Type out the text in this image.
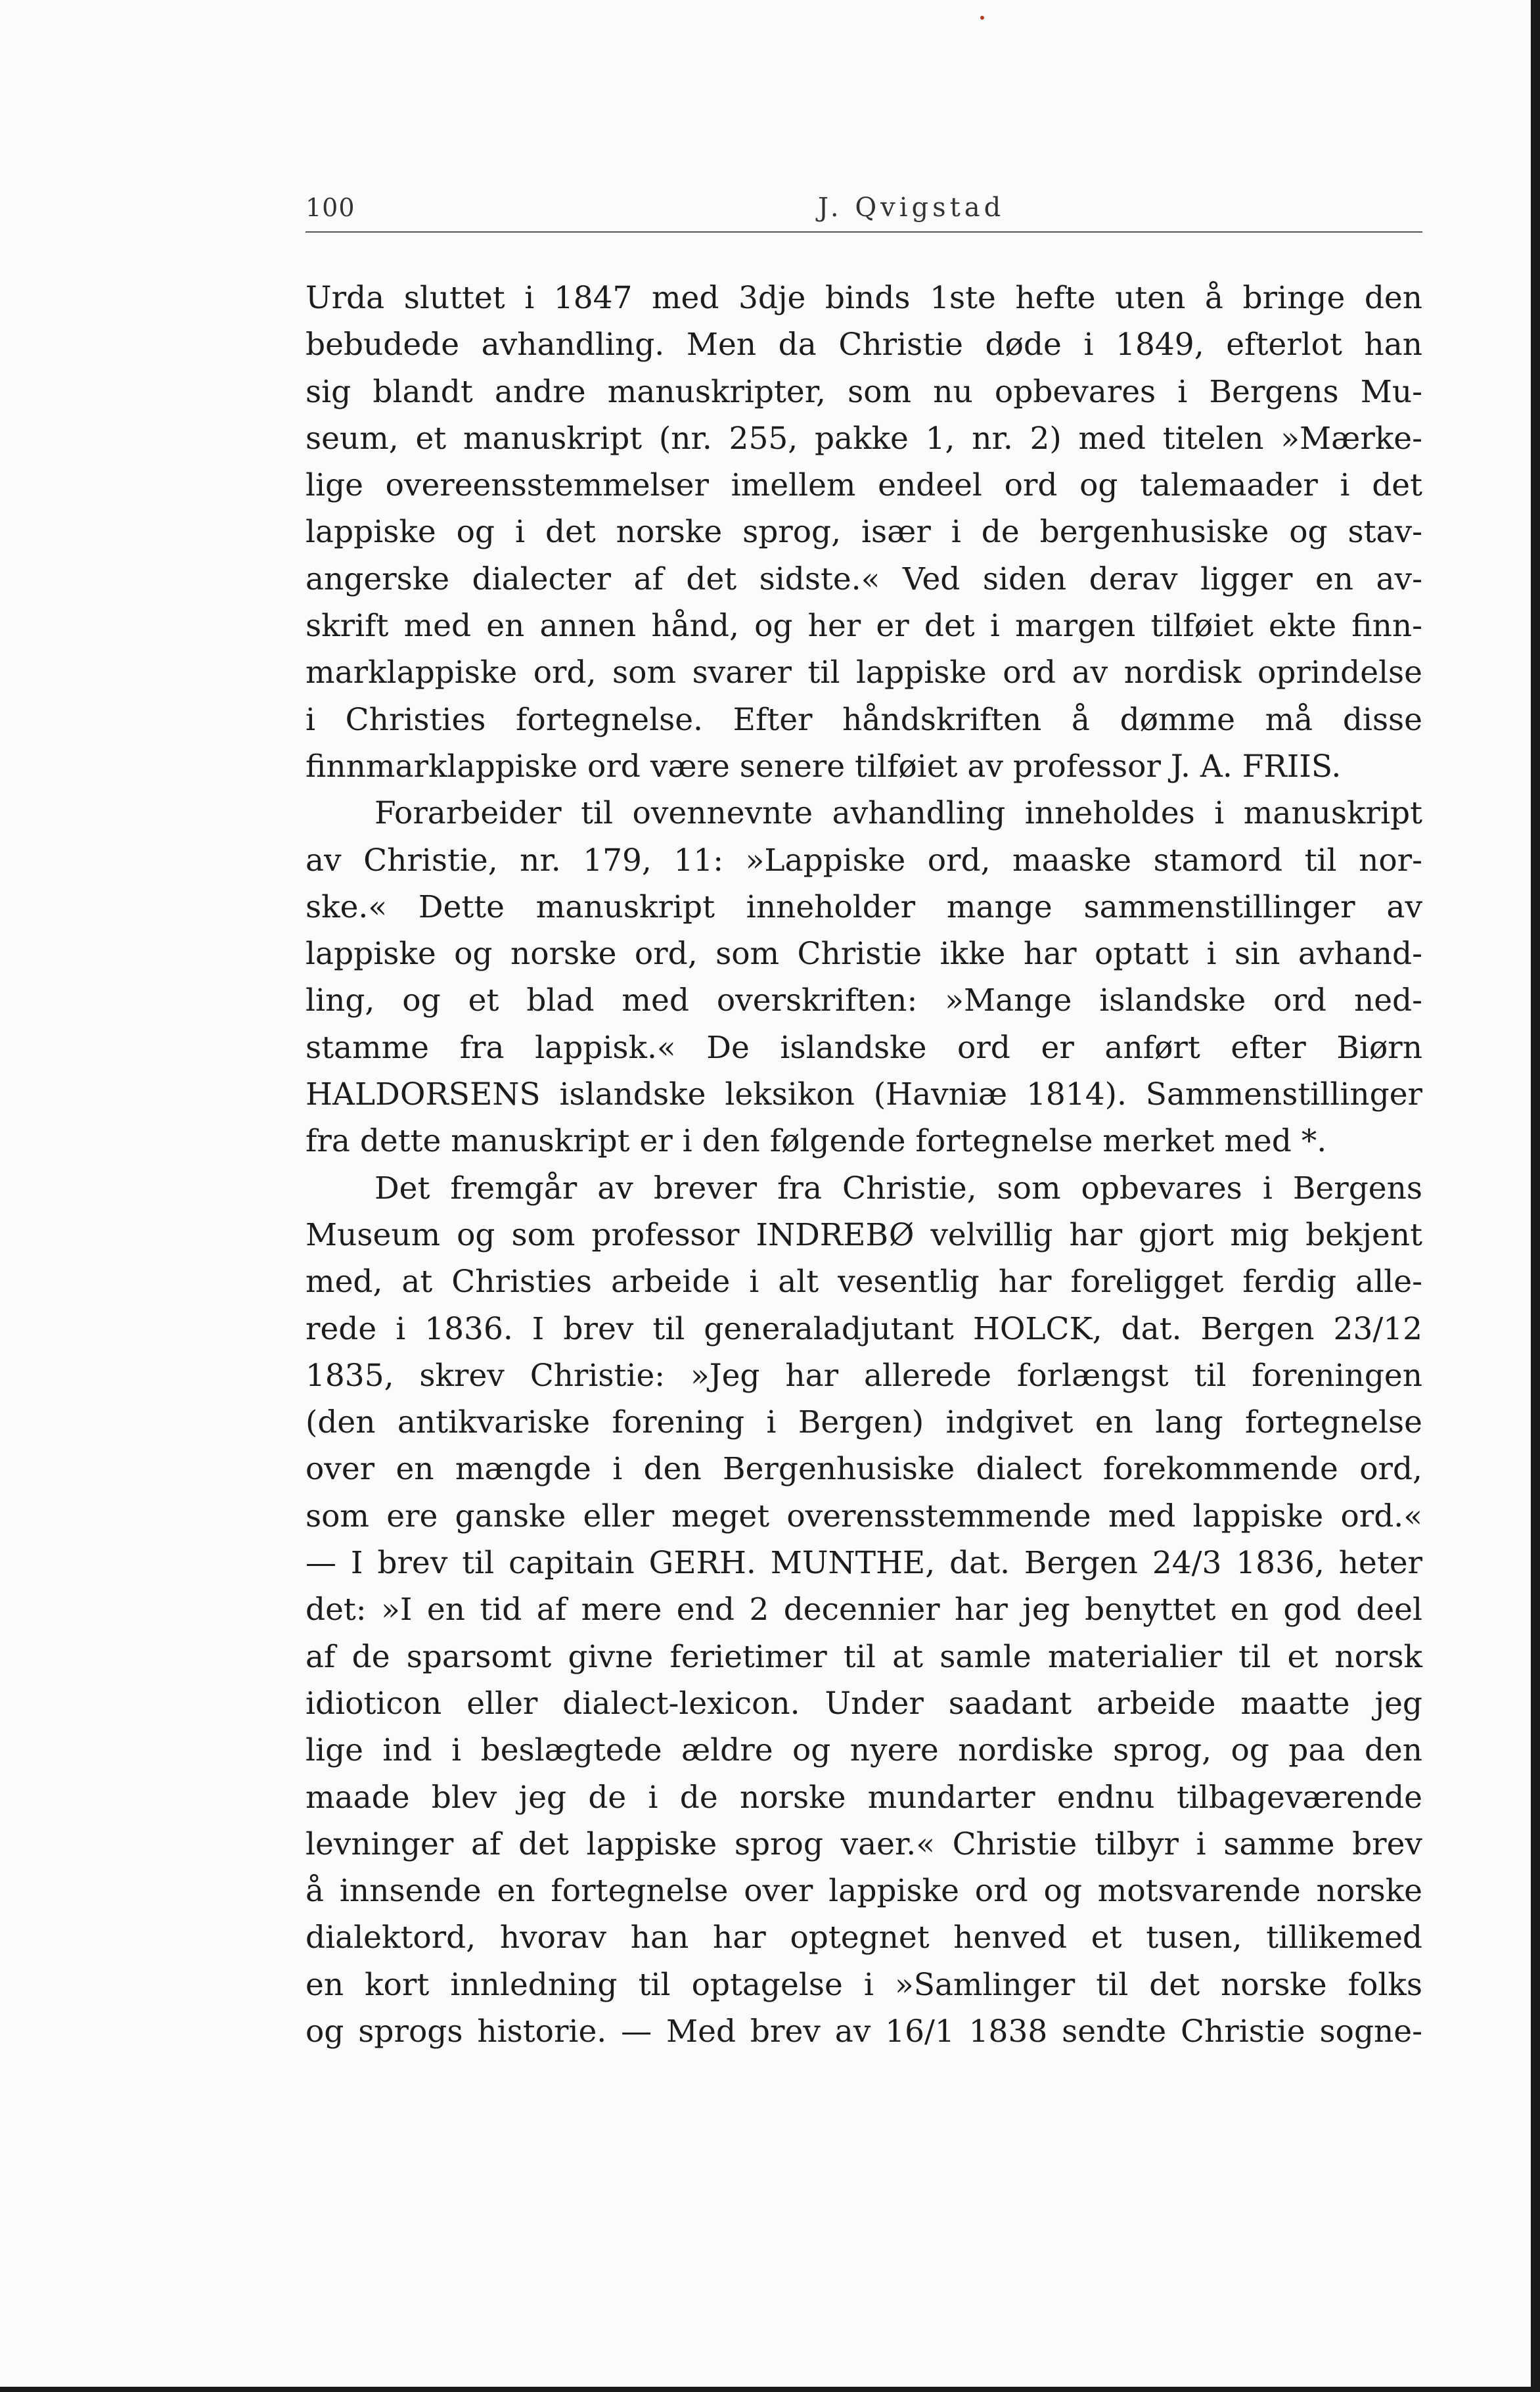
100	J. Qvigstad
Urda sluttet i 1847 med 3dje binds 1ste hefte uten å bringe den
bebudede avhandling. Men da Christie døde i 1849, efterlot han
sig blandt andre manuskripter, som nu opbevares i Bergens Mu-
seum, et manuskript (nr. 255, pakke 1, nr. 2) med titelen »Mærke-
lige overeensstemmelser imellem endeel ord og talemaader i det
lappiske og i det norske sprog, især i de bergenhusiske og stav-
angerske dialecter af det sidste.« Ved siden derav ligger en av-
skrift med en annen hånd, og her er det i margen tilføiet ekte finn-
marklappiske ord, som svarer til lappiske ord av nordisk oprindelse
i Christies fortegnelse. Efter håndskriften å dømme må disse
finnmarklappiske ord være senere tilføiet av professor J. A. FRIIS.
Forarbeider til ovennevnte avhandling inneholdes i manuskript
av Christie, nr. 179, 11: »Lappiske ord, maaske stamord til nor-
ske.« Dette manuskript inneholder mange sammenstillinger av
lappiske og norske ord, som Christie ikke har optatt i sin avhand-
ling, og et blad med overskriften: »Mange islandske ord ned-
stamme fra lappisk.« De islandske ord er anført efter Biørn
HALDORSENS islandske leksikon (Havniæ 1814). Sammenstillinger
fra dette manuskript er i den følgende fortegnelse merket med *.
Det fremgår av brever fra Christie, som opbevares i Bergens
Museum og som professor INDREBØ velvillig har gjort mig bekjent
med, at Christies arbeide i alt vesentlig har foreligget ferdig alle-
rede i 1836. I brev til generaladjutant HOLCK, dat. Bergen 23/12
1835, skrev Christie: »Jeg har allerede forlængst til foreningen
(den antikvariske forening i Bergen) indgivet en lang fortegnelse
over en mængde i den Bergenhusiske dialect forekommende ord,
som ere ganske eller meget overensstemmende med lappiske ord.«
— I brev til capitain GERH. MUNTHE, dat. Bergen 24/3 1836, heter
det: »I en tid af mere end 2 decennier har jeg benyttet en god deel
af de sparsomt givne ferietimer til at samle materialier til et norsk
idioticon eller dialect-lexicon. Under saadant arbeide maatte jeg
lige ind i beslægtede ældre og nyere nordiske sprog, og paa den
maade blev jeg de i de norske mundarter endnu tilbageværende
levninger af det lappiske sprog vaer.« Christie tilbyr i samme brev
å innsende en fortegnelse over lappiske ord og motsvarende norske
dialektord, hvorav han har optegnet henved et tusen, tillikemed
en kort innledning til optagelse i »Samlinger til det norske folks
og sprogs historie. — Med brev av 16/1 1838 sendte Christie sogne-
